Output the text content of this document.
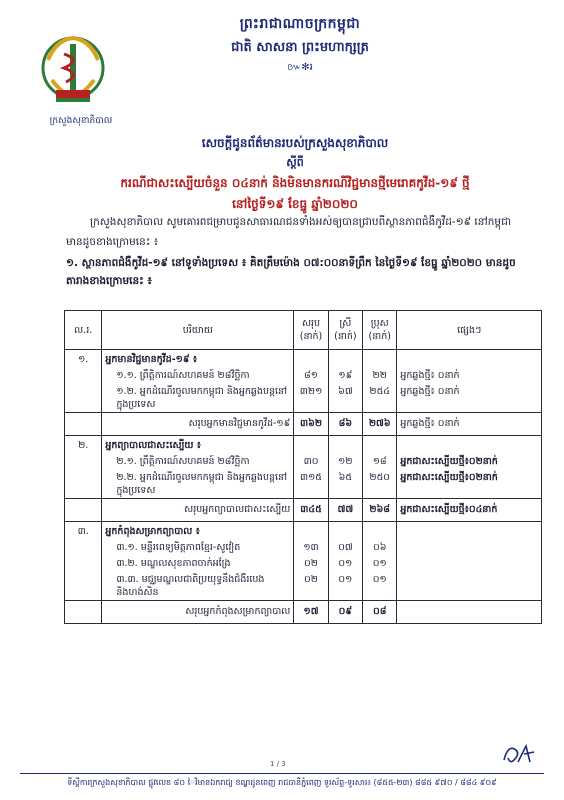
ក្រសួងសុខាភិបាល
ព្រះរាជាណាចក្រកម្ពុជា
ជាតិ សាសនា ព្រះមហាក្សត្រ
៚✻៛
សេចក្តីជូនព័ត៌មានរបស់ក្រសួងសុខាភិបាល
ស្តីពី
ករណីជាសះស្បើយចំនួន ០៤នាក់ និងមិនមានករណីវិជ្ជមានថ្មីមេរោគកូវីដ-១៩ ថ្មី
នៅថ្ងៃទី១៩ ខែធ្នូ ឆ្នាំ២០២០
ក្រសួងសុខាភិបាល សូមគោរពជម្រាបជូនសាធារណជនទាំងអស់ឲ្យបានជ្រាបពីស្ថានភាពជំងឺកូវីដ-១៩ នៅកម្ពុជា មានដូចខាងក្រោមនេះ ៖
១. ស្ថានភាពជំងឺកូវីដ-១៩ នៅទូទាំងប្រទេស ៖ គិតត្រឹមម៉ោង ០៧:០០នាទីព្រឹក នៃថ្ងៃទី១៩ ខែធ្នូ ឆ្នាំ២០២០ មានដូចតារាងខាងក្រោមនេះ ៖
ល.រ.	បរិយាយ	សរុប (នាក់)	ស្រី (នាក់)	ប្រុស (នាក់)	ផ្សេងៗ
១.	អ្នកមានវិជ្ជមានកូវីដ-១៩ ៖				
	១.១. ព្រឹត្តិការណ៍សហគមន៍ ២៨វិច្ឆិកា	៨១	១៩	២២	អ្នកឆ្លងថ្មី៖ ០នាក់
	១.២. អ្នកដំណើរចូលមកកម្ពុជា និងអ្នកឆ្លងបន្តនៅក្នុងប្រទេស	៣២១	៦៧	២៥៤	អ្នកឆ្លងថ្មី៖ ០នាក់
	សរុបអ្នកមានវិជ្ជមានកូវីដ-១៩	៣៦២	៨៦	២៧៦	អ្នកឆ្លងថ្មី៖ ០នាក់
២.	អ្នកព្យាបាលជាសះស្បើយ ៖				
	២.១. ព្រឹត្តិការណ៍សហគមន៍ ២៨វិច្ឆិកា	៣០	១២	១៨	អ្នកជាសះស្បើយថ្មី៖០២នាក់
	២.២. អ្នកដំណើរចូលមកកម្ពុជា និងអ្នកឆ្លងបន្តនៅក្នុងប្រទេស	៣១៥	៦៥	២៥០	អ្នកជាសះស្បើយថ្មី៖០២នាក់
	សរុបអ្នកព្យាបាលជាសះស្បើយ	៣៤៥	៧៧	២៦៨	អ្នកជាសះស្បើយថ្មី៖០៤នាក់
៣.	អ្នកកំពុងសម្រាកព្យាបាល ៖				
	៣.១. មន្ទីរពេទ្យមិត្តភាពខ្មែរ-សូវៀត	១៣	០៧	០៦	
	៣.២. មណ្ឌលសុខភាពចាក់អង្រែ	០២	០១	០១	
	៣.៣. មជ្ឈមណ្ឌលជាតិប្រយុទ្ធនឹងជំងឺរបេង និងហង់សិន	០២	០១	០១	
	សរុបអ្នកកំពុងសម្រាកព្យាបាល	១៧	០៩	០៨	
1 / 3
ទីស្តីការក្រសួងសុខាភិបាល ផ្លូវលេខ ៨០ ៃវិមានឯករាជ្យ ខណ្ឌដូនពេញ រាជធានីភ្នំពេញ ទូរស័ព្ទ-ទូរសារ៖ (៨៥៥-២៣) ៨៨៥ ៩៧០ / ៨៨៤ ៩០៩
